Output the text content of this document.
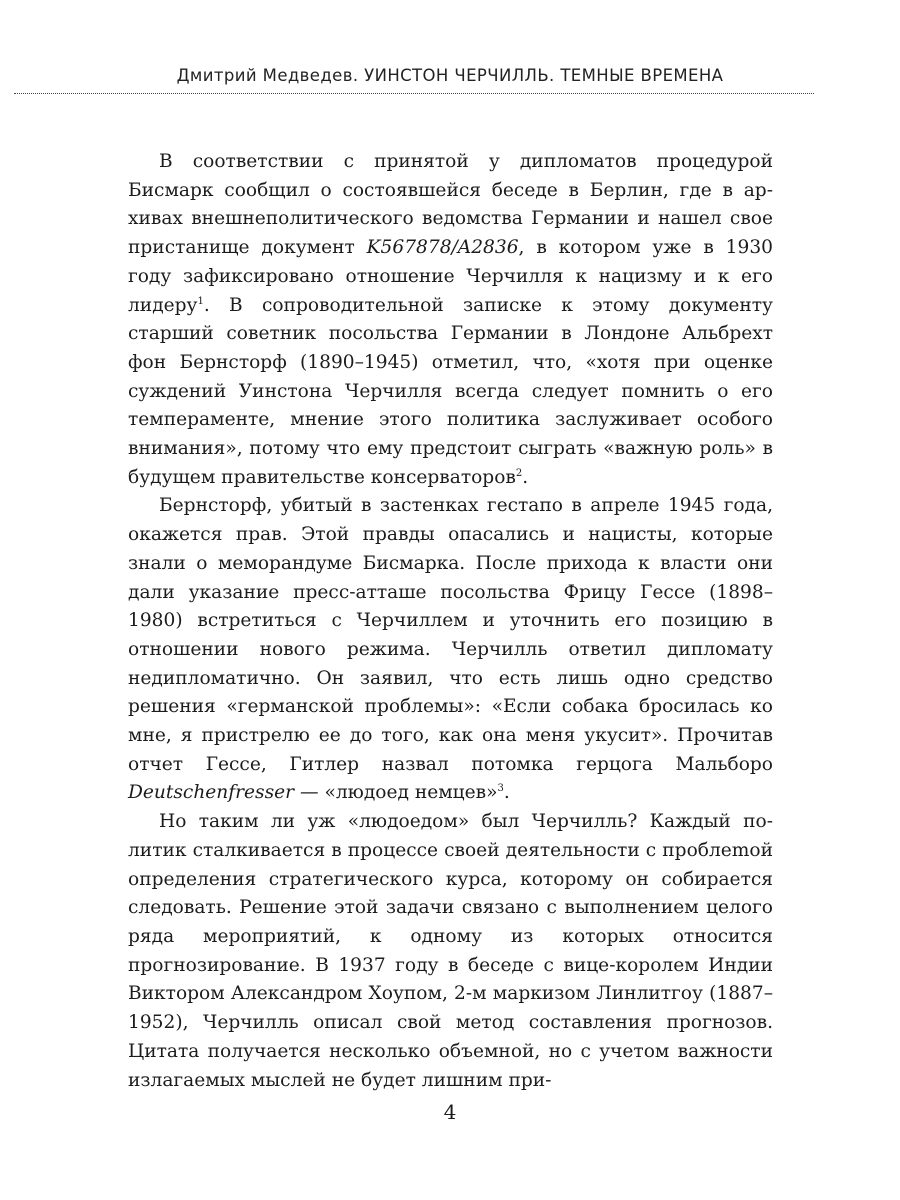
Дмитрий Медведев. УИНСТОН ЧЕРЧИЛЛЬ. ТЕМНЫЕ ВРЕМЕНА

В соответствии с принятой у дипломатов процедурой Бисмарк сообщил о состоявшейся беседе в Берлин, где в архивах внешнеполитического ведомства Германии и нашел свое пристанище документ K567878/A2836, в котором уже в 1930 году зафиксировано отношение Черчилля к нацизму и к его лидеру$^1$. В сопроводительной записке к этому документу старший советник посольства Германии в Лондоне Альбрехт фон Бернсторф (1890–1945) отметил, что, «хотя при оценке суждений Уинстона Черчилля всегда следует помнить о его темпераменте, мнение этого политика заслуживает особого внимания», потому что ему предстоит сыграть «важную роль» в будущем правительстве консерваторов$^2$.

Бернсторф, убитый в застенках гестапо в апреле 1945 года, окажется прав. Этой правды опасались и нацисты, которые знали о меморандуме Бисмарка. После прихода к власти они дали указание пресс-атташе посольства Фрицу Гессе (1898–1980) встретиться с Черчиллем и уточнить его позицию в отношении нового режима. Черчилль ответил дипломату недипломатично. Он заявил, что есть лишь одно средство решения «германской проблемы»: «Если собака бросилась ко мне, я пристрелю ее до того, как она меня укусит». Прочитав отчет Гессе, Гитлер назвал потомка герцога Мальборо Deutschenfresser — «людоед немцев»$^3$.

Но таким ли уж «людоедом» был Черчилль? Каждый политик сталкивается в процессе своей деятельности с проблеmой определения стратегического курса, которому он собирается следовать. Решение этой задачи связано с выполнением целого ряда мероприятий, к одному из которых относится прогнозирование. В 1937 году в беседе с вице-королем Индии Виктором Александром Хоупом, 2-м маркизом Линлитгоу (1887–1952), Черчилль описал свой метод составления прогнозов. Цитата получается несколько объемной, но с учетом важности излагаемых мыслей не будет лишним при-

4
